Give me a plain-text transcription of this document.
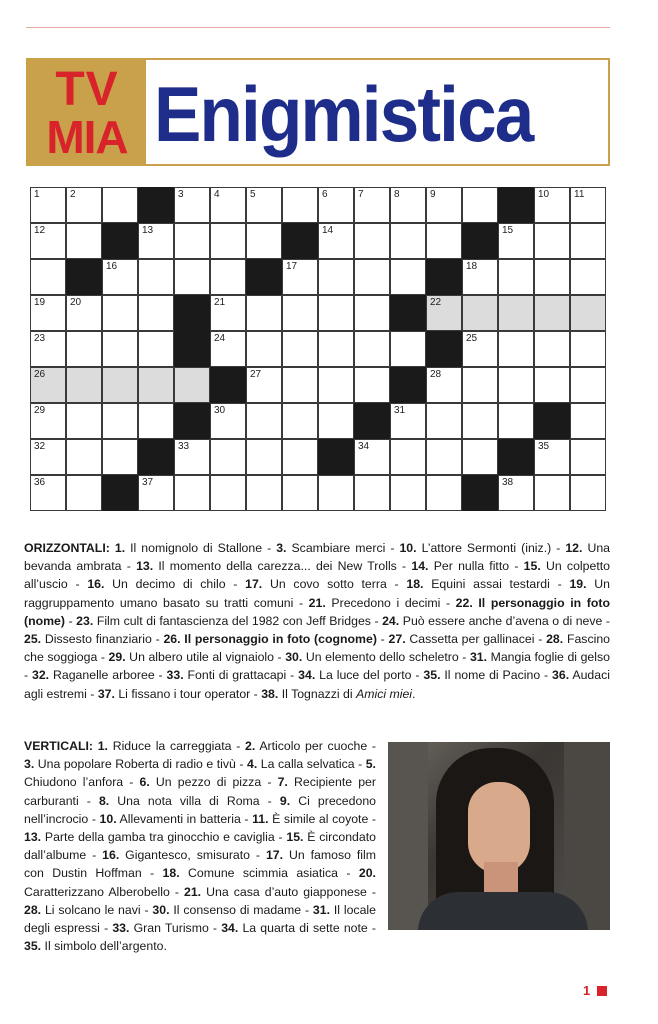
TV
MIA Enigmistica
1	2	3	4	5	6	7	8	9	10 11
12	13	14	15
16	17	18
19 20	21	22
23	24	25
26	27	28
29	30	31
32	33	34	35
36	37	38
ORIZZONTALI: 1. Il nomignolo di Stallone - 3. Scambiare merci - 10. L’attore Sermonti (iniz.) - 12. Una bevanda ambrata - 13. Il momento della carezza... dei New Trolls - 14. Per nulla fitto - 15. Un colpetto all’uscio - 16. Un decimo di chilo - 17. Un covo sotto terra - 18. Equini assai testardi - 19. Un raggruppamento umano basato su tratti comuni - 21. Precedono i decimi - 22. Il personaggio in foto (nome) - 23. Film cult di fantascienza del 1982 con Jeff Bridges - 24. Può essere anche d’avena o di neve - 25. Dissesto finanziario - 26. Il personaggio in foto (cognome) - 27. Cassetta per gallinacei - 28. Fascino che soggioga - 29. Un albero utile al vignaiolo - 30. Un elemento dello scheletro - 31. Mangia foglie di gelso - 32. Raganelle arboree - 33. Fonti di grattacapi - 34. La luce del porto - 35. Il nome di Pacino - 36. Audaci agli estremi - 37. Li fissano i tour operator - 38. Il Tognazzi di Amici miei.
VERTICALI: 1. Riduce la carreggiata - 2. Articolo per cuoche - 3. Una popolare Roberta di radio e tivù - 4. La calla selvatica - 5. Chiudono l’anfora - 6. Un pezzo di pizza - 7. Recipiente per carburanti - 8. Una nota villa di Roma - 9. Ci precedono nell’incrocio - 10. Allevamenti in batteria - 11. È simile al coyote - 13. Parte della gamba tra ginocchio e caviglia - 15. È circondato dall’albume - 16. Gigantesco, smisurato - 17. Un famoso film con Dustin Hoffman - 18. Comune scimmia asiatica - 20. Caratterizzano Alberobello - 21. Una casa d’auto giapponese - 28. Li solcano le navi - 30. Il consenso di madame - 31. Il locale degli espressi - 33. Gran Turismo - 34. La quarta di sette note - 35. Il simbolo dell’argento.
1
